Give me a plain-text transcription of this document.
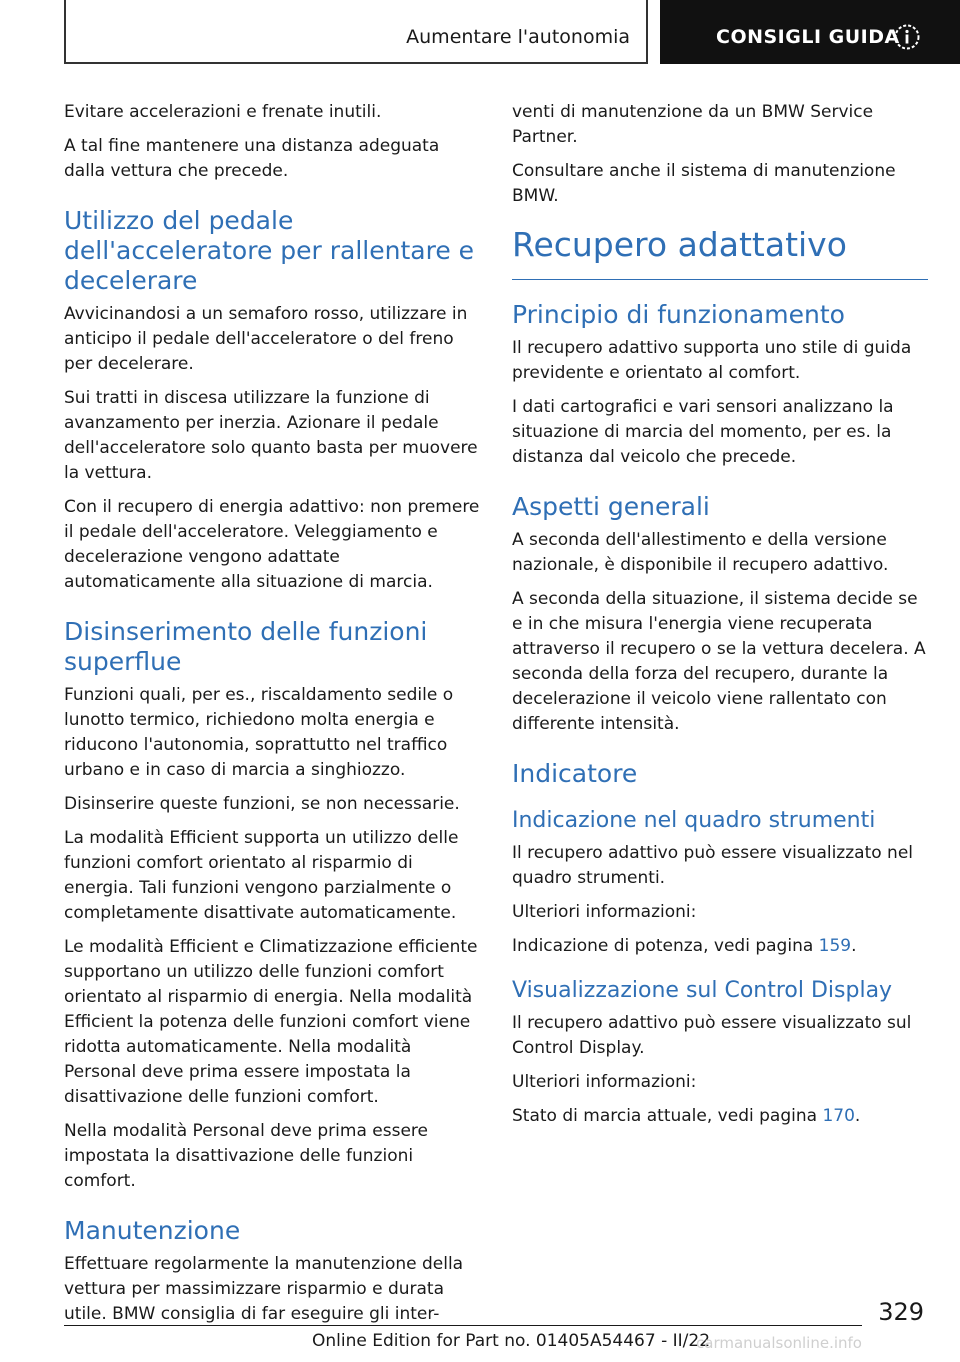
Aumentare l'autonomia	CONSIGLI GUIDA

Evitare accelerazioni e frenate inutili.

A tal fine mantenere una distanza adeguata dalla vettura che precede.

Utilizzo del pedale dell'acceleratore per rallentare e decelerare

Avvicinandosi a un semaforo rosso, utilizzare in anticipo il pedale dell'acceleratore o del freno per decelerare.

Sui tratti in discesa utilizzare la funzione di avanzamento per inerzia. Azionare il pedale dell'acceleratore solo quanto basta per muovere la vettura.

Con il recupero di energia adattivo: non premere il pedale dell'acceleratore. Veleggiamento e decelerazione vengono adattate automaticamente alla situazione di marcia.

Disinserimento delle funzioni superflue

Funzioni quali, per es., riscaldamento sedile o lunotto termico, richiedono molta energia e riducono l'autonomia, soprattutto nel traffico urbano e in caso di marcia a singhiozzo.

Disinserire queste funzioni, se non necessarie.

La modalità Efficient supporta un utilizzo delle funzioni comfort orientato al risparmio di energia. Tali funzioni vengono parzialmente o completamente disattivate automaticamente.

Le modalità Efficient e Climatizzazione efficiente supportano un utilizzo delle funzioni comfort orientato al risparmio di energia. Nella modalità Efficient la potenza delle funzioni comfort viene ridotta automaticamente. Nella modalità Personal deve prima essere impostata la disattivazione delle funzioni comfort.

Nella modalità Personal deve prima essere impostata la disattivazione delle funzioni comfort.

Manutenzione

Effettuare regolarmente la manutenzione della vettura per massimizzare risparmio e durata utile. BMW consiglia di far eseguire gli inter-

venti di manutenzione da un BMW Service Partner.

Consultare anche il sistema di manutenzione BMW.

Recupero adattativo
Principio di funzionamento

Il recupero adattivo supporta uno stile di guida previdente e orientato al comfort.

I dati cartografici e vari sensori analizzano la situazione di marcia del momento, per es. la distanza dal veicolo che precede.

Aspetti generali

A seconda dell'allestimento e della versione nazionale, è disponibile il recupero adattivo.

A seconda della situazione, il sistema decide se e in che misura l'energia viene recuperata attraverso il recupero o se la vettura decelera. A seconda della forza del recupero, durante la decelerazione il veicolo viene rallentato con differente intensità.

Indicatore
Indicazione nel quadro strumenti

Il recupero adattivo può essere visualizzato nel quadro strumenti.

Ulteriori informazioni:

Indicazione di potenza, vedi pagina 159.

Visualizzazione sul Control Display

Il recupero adattivo può essere visualizzato sul Control Display.

Ulteriori informazioni:

Stato di marcia attuale, vedi pagina 170.

329
Online Edition for Part no. 01405A54467 - II/22
carmanualsonline.info
